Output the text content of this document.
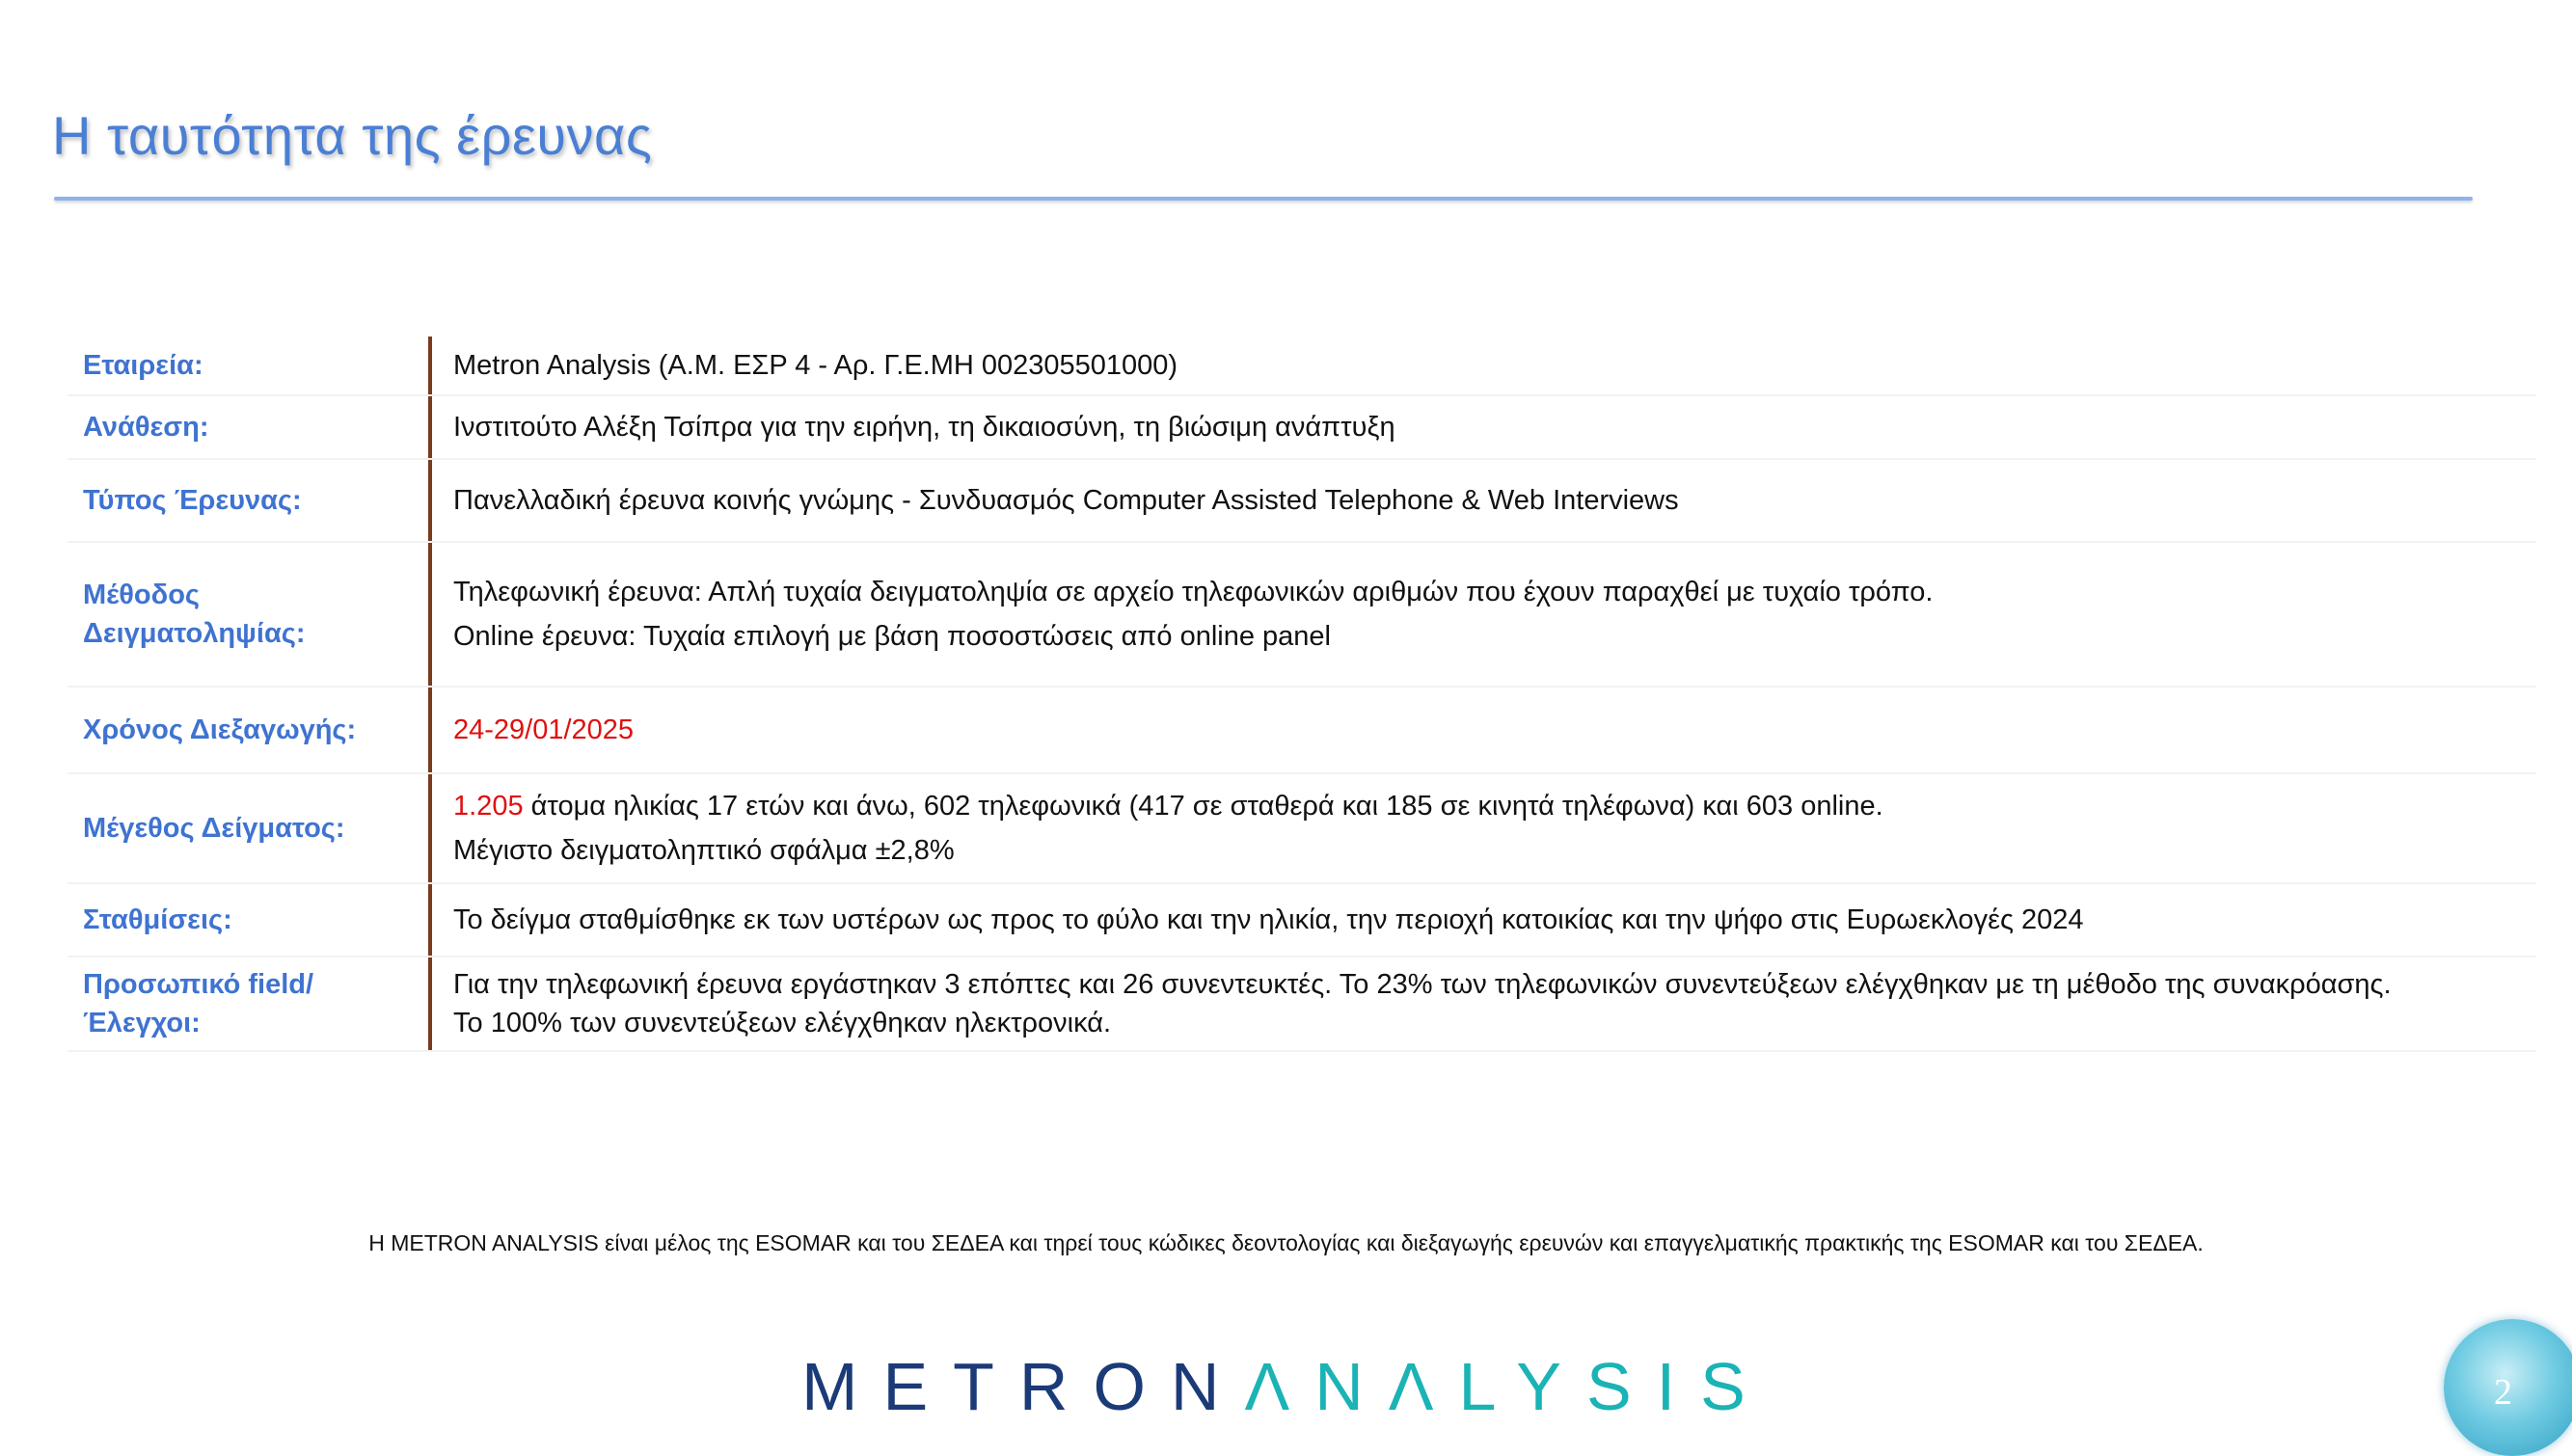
Η ταυτότητα της έρευνας
Εταιρεία:	Metron Analysis (Α.Μ. ΕΣΡ 4 - Αρ. Γ.Ε.ΜΗ 002305501000)
Ανάθεση:	Ινστιτούτο Αλέξη Τσίπρα για την ειρήνη, τη δικαιοσύνη, τη βιώσιμη ανάπτυξη
Τύπος Έρευνας:	Πανελλαδική έρευνα κοινής γνώμης - Συνδυασμός Computer Assisted Telephone & Web Interviews
Μέθοδος Δειγματοληψίας:
Τηλεφωνική έρευνα: Απλή τυχαία δειγματοληψία σε αρχείο τηλεφωνικών αριθμών που έχουν παραχθεί με τυχαίο τρόπο.
Online έρευνα: Τυχαία επιλογή με βάση ποσοστώσεις από online panel
Χρόνος Διεξαγωγής:	24-29/01/2025
Μέγεθος Δείγματος:
1.205 άτομα ηλικίας 17 ετών και άνω, 602 τηλεφωνικά (417 σε σταθερά και 185 σε κινητά τηλέφωνα) και 603 online.
Μέγιστο δειγματοληπτικό σφάλμα ±2,8%
Σταθμίσεις:	Το δείγμα σταθμίσθηκε εκ των υστέρων ως προς το φύλο και την ηλικία, την περιοχή κατοικίας και την ψήφο στις Ευρωεκλογές 2024
Προσωπικό field/Έλεγχοι:
Για την τηλεφωνική έρευνα εργάστηκαν 3 επόπτες και 26 συνεντευκτές. Το 23% των τηλεφωνικών συνεντεύξεων ελέγχθηκαν με τη μέθοδο της συνακρόασης.
Το 100% των συνεντεύξεων ελέγχθηκαν ηλεκτρονικά.
Η METRON ANALYSIS είναι μέλος της ESOMAR και του ΣΕΔΕΑ και τηρεί τους κώδικες δεοντολογίας και διεξαγωγής ερευνών και επαγγελματικής πρακτικής της ESOMAR και του ΣΕΔΕΑ.
METRONΛNΛLYSIS	2
